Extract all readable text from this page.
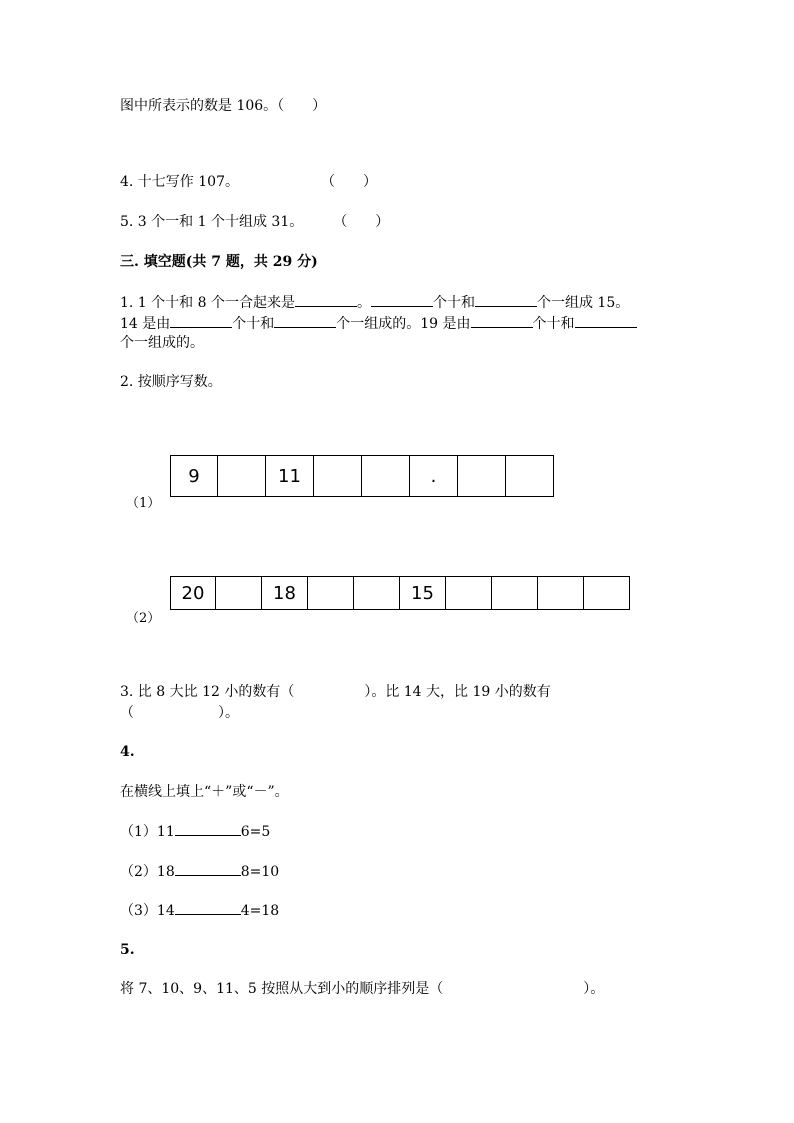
图中所表示的数是 106。（　　）
4. 十七写作 107。	（　　）
5. 3 个一和 1 个十组成 31。 （　　）
三. 填空题(共 7 题，共 29 分)
1. 1 个十和 8 个一合起来是	。	个十和	个一组成 15。
14 是由	个十和	个一组成的。19 是由	个十和
个一组成的。
2. 按顺序写数。
（1）
9	11	.
（2）
20	18	15
3. 比 8 大比 12 小的数有（　　　　　）。比 14 大，比 19 小的数有
（　　　　　　）。
4.
在横线上填上“＋”或“－”。
（1）11	6=5
（2）18	8=10
（3）14	4=18
5.
将 7、10、9、11、5 按照从大到小的顺序排列是（　　　　　　　　　　）。
